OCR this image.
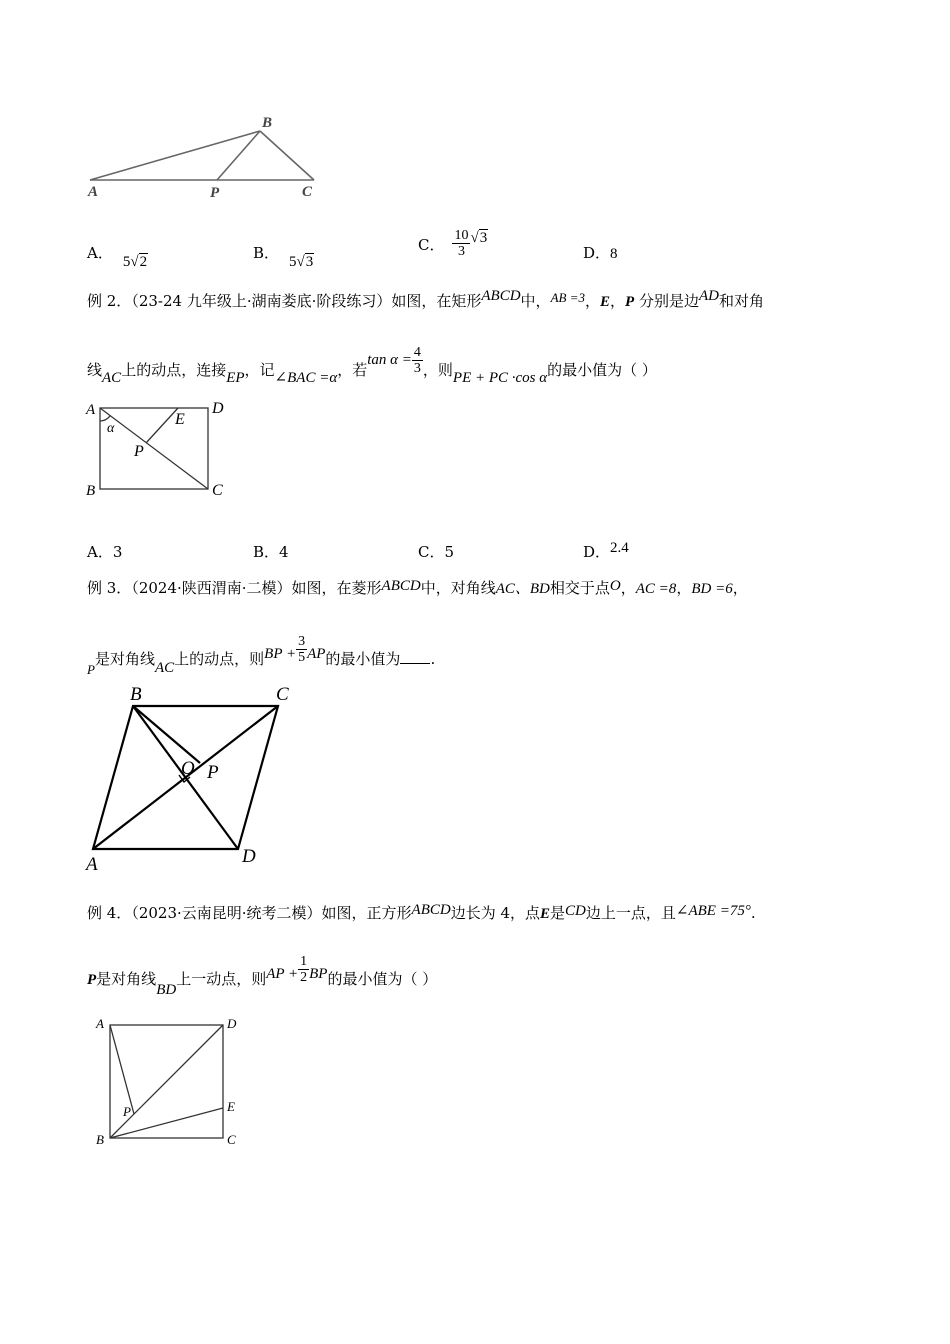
B
A	P	C
A． 5√2	B． 5√3
C． $\frac{10}{3} √3$
D．8
例 2．（23-24 九年级上·湖南娄底·阶段练习）如图，在矩形ABCD中，AB =3，E，P 分别是边AD和对角
线AC上的动点，连接EP，记∠BAC =α，若$\tan \alpha = \frac{4}{3}$ ，则PE + PC ·cos α的最小值为（ ）
A	D
E
α
P
B	C
A．3	B．4	C．5	D．2.4
例 3．（2024·陕西渭南·二模）如图，在菱形ABCD中，对角线AC、BD相交于点O，AC =8，BD =6，
P是对角线AC上的动点，则BP + $\frac{3}{5}$ AP的最小值为 .
B	C
O P
A	D
例 4．（2023·云南昆明·统考二模）如图，正方形ABCD边长为 4，点E是CD边上一点，且∠ABE =75°.
P是对角线BD上一动点，则AP + $\frac{1}{2}$ BP的最小值为（ ）
A	D
E
P
B	C
